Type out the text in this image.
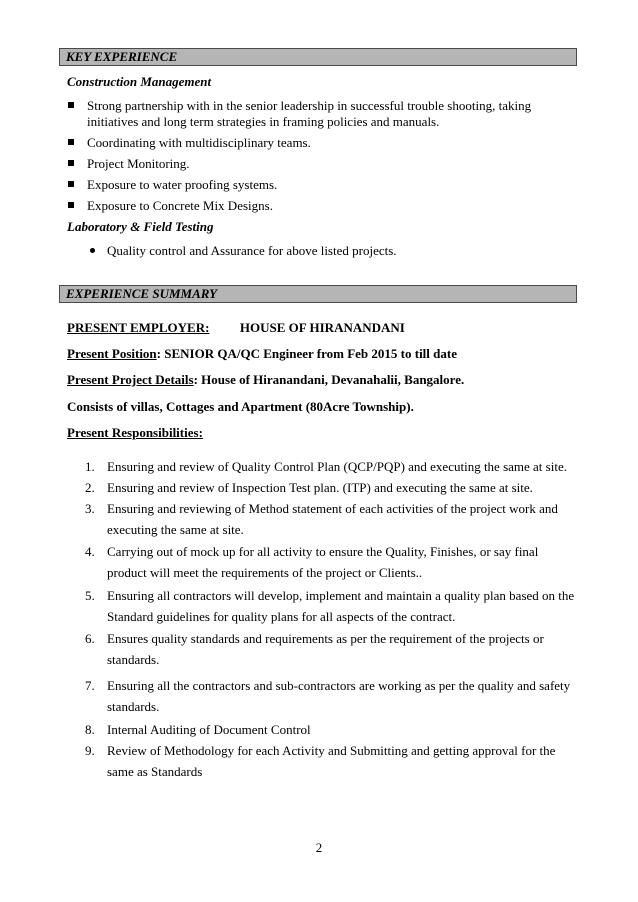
KEY EXPERIENCE
Construction Management
Strong partnership with in the senior leadership in successful trouble shooting, taking initiatives and long term strategies in framing policies and manuals.
Coordinating with multidisciplinary teams.
Project Monitoring.
Exposure to water proofing systems.
Exposure to Concrete Mix Designs.
Laboratory & Field Testing
Quality control and Assurance for above listed projects.
EXPERIENCE SUMMARY
PRESENT EMPLOYER: HOUSE OF HIRANANDANI
Present Position: SENIOR QA/QC Engineer from Feb 2015 to till date
Present Project Details: House of Hiranandani, Devanahalii, Bangalore.
Consists of villas, Cottages and Apartment (80Acre Township).
Present Responsibilities:
1. Ensuring and review of Quality Control Plan (QCP/PQP) and executing the same at site.
2. Ensuring and review of Inspection Test plan. (ITP) and executing the same at site.
3. Ensuring and reviewing of Method statement of each activities of the project work and
executing the same at site.
4. Carrying out of mock up for all activity to ensure the Quality, Finishes, or say final
product will meet the requirements of the project or Clients..
5. Ensuring all contractors will develop, implement and maintain a quality plan based on the
Standard guidelines for quality plans for all aspects of the contract.
6. Ensures quality standards and requirements as per the requirement of the projects or
standards.
7. Ensuring all the contractors and sub-contractors are working as per the quality and safety
standards.
8. Internal Auditing of Document Control
9. Review of Methodology for each Activity and Submitting and getting approval for the
same as Standards
2
